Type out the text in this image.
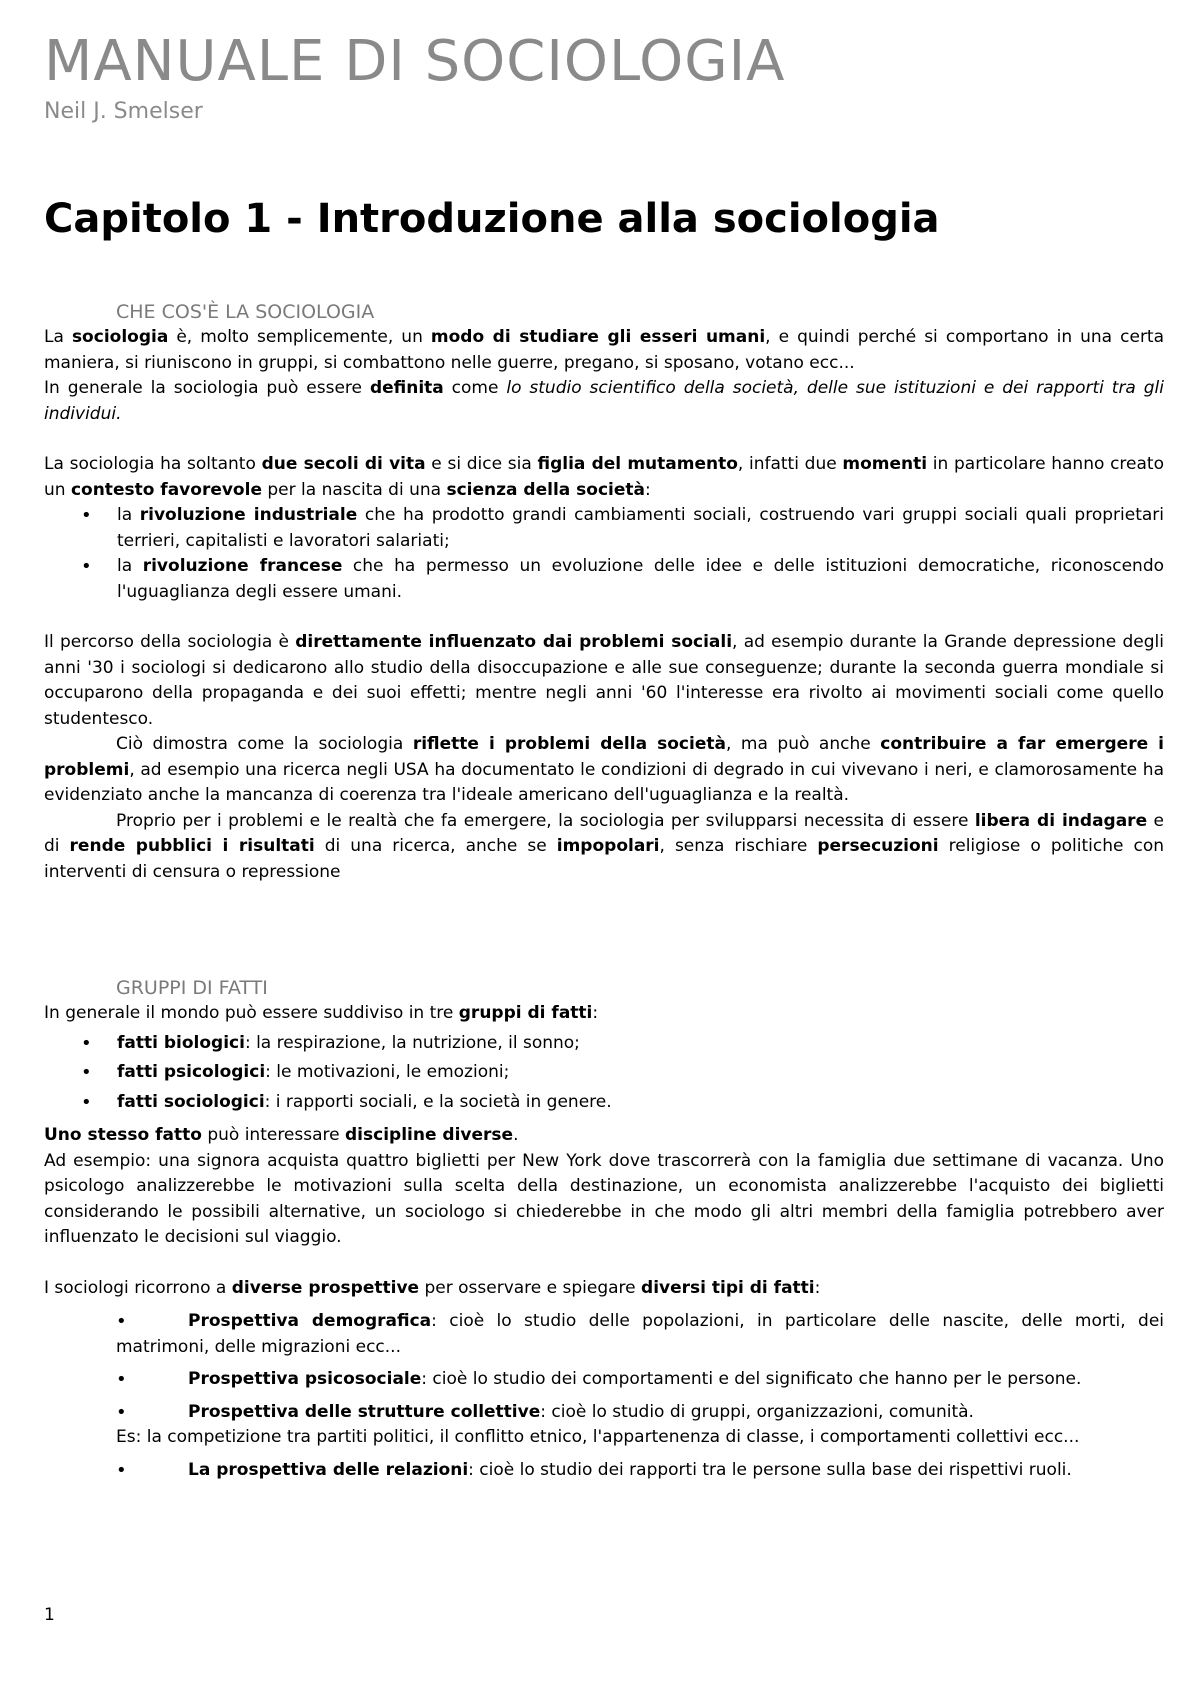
MANUALE DI SOCIOLOGIA
Neil J. Smelser
Capitolo 1 - Introduzione alla sociologia
CHE COS'È LA SOCIOLOGIA

La sociologia è, molto semplicemente, un modo di studiare gli esseri umani, e quindi perché si comportano in una certa maniera, si riuniscono in gruppi, si combattono nelle guerre, pregano, si sposano, votano ecc...

In generale la sociologia può essere definita come lo studio scientifico della società, delle sue istituzioni e dei rapporti tra gli individui.

La sociologia ha soltanto due secoli di vita e si dice sia figlia del mutamento, infatti due momenti in particolare hanno creato un contesto favorevole per la nascita di una scienza della società:

• la rivoluzione industriale che ha prodotto grandi cambiamenti sociali, costruendo vari gruppi sociali quali proprietari terrieri, capitalisti e lavoratori salariati;
• la rivoluzione francese che ha permesso un evoluzione delle idee e delle istituzioni democratiche, riconoscendo l'uguaglianza degli essere umani.

Il percorso della sociologia è direttamente influenzato dai problemi sociali, ad esempio durante la Grande depressione degli anni '30 i sociologi si dedicarono allo studio della disoccupazione e alle sue conseguenze; durante la seconda guerra mondiale si occuparono della propaganda e dei suoi effetti; mentre negli anni '60 l'interesse era rivolto ai movimenti sociali come quello studentesco.

Ciò dimostra come la sociologia riflette i problemi della società, ma può anche contribuire a far emergere i problemi, ad esempio una ricerca negli USA ha documentato le condizioni di degrado in cui vivevano i neri, e clamorosamente ha evidenziato anche la mancanza di coerenza tra l'ideale americano dell'uguaglianza e la realtà.

Proprio per i problemi e le realtà che fa emergere, la sociologia per svilupparsi necessita di essere libera di indagare e di rende pubblici i risultati di una ricerca, anche se impopolari, senza rischiare persecuzioni religiose o politiche con interventi di censura o repressione

GRUPPI DI FATTI

In generale il mondo può essere suddiviso in tre gruppi di fatti:

• fatti biologici: la respirazione, la nutrizione, il sonno;
• fatti psicologici: le motivazioni, le emozioni;
• fatti sociologici: i rapporti sociali, e la società in genere.

Uno stesso fatto può interessare discipline diverse.

Ad esempio: una signora acquista quattro biglietti per New York dove trascorrerà con la famiglia due settimane di vacanza. Uno psicologo analizzerebbe le motivazioni sulla scelta della destinazione, un economista analizzerebbe l'acquisto dei biglietti considerando le possibili alternative, un sociologo si chiederebbe in che modo gli altri membri della famiglia potrebbero aver influenzato le decisioni sul viaggio.

I sociologi ricorrono a diverse prospettive per osservare e spiegare diversi tipi di fatti:

•	Prospettiva demografica: cioè lo studio delle popolazioni, in particolare delle nascite, delle morti, dei matrimoni, delle migrazioni ecc...
•	Prospettiva psicosociale: cioè lo studio dei comportamenti e del significato che hanno per le persone.
•	Prospettiva delle strutture collettive: cioè lo studio di gruppi, organizzazioni, comunità.

Es: la competizione tra partiti politici, il conflitto etnico, l'appartenenza di classe, i comportamenti collettivi ecc...

•	La prospettiva delle relazioni: cioè lo studio dei rapporti tra le persone sulla base dei rispettivi ruoli.
1
